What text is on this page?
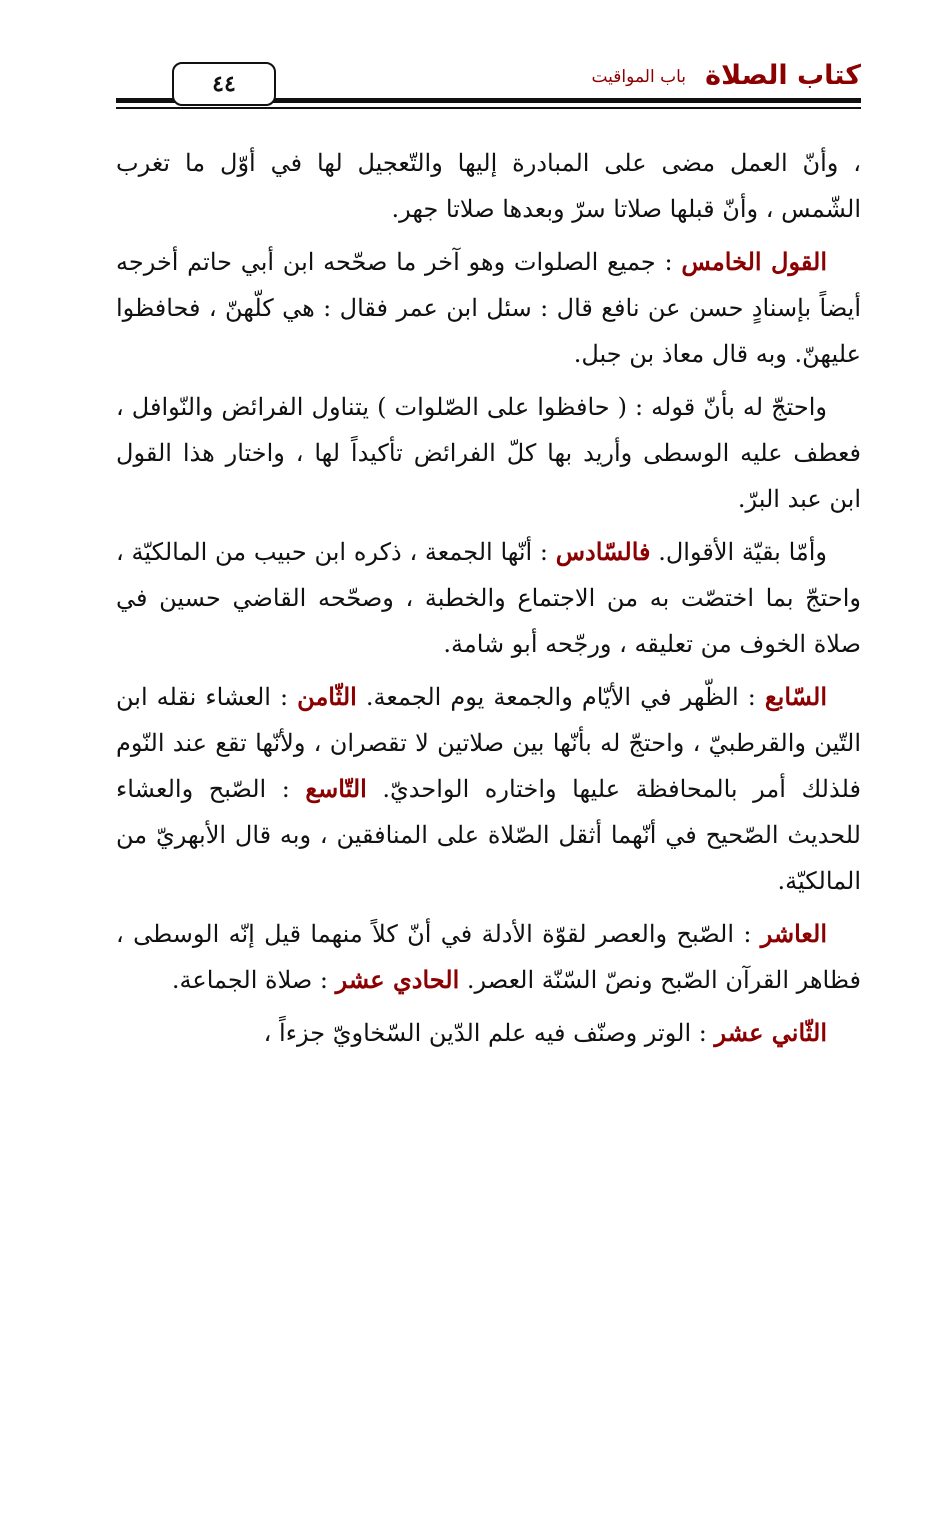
٤٤	كتاب الصلاة
باب المواقيت

، وأنّ العمل مضى على المبادرة إليها والتّعجيل لها في أوّل ما تغرب الشّمس ، وأنّ قبلها صلاتا سرّ وبعدها صلاتا جهر.

القول الخامس : جميع الصلوات وهو آخر ما صحّحه ابن أبي حاتم أخرجه أيضاً بإسنادٍ حسن عن نافع قال : سئل ابن عمر فقال : هي كلّهنّ ، فحافظوا عليهنّ. وبه قال معاذ بن جبل.

واحتجّ له بأنّ قوله : ( حافظوا على الصّلوات ) يتناول الفرائض والنّوافل ، فعطف عليه الوسطى وأريد بها كلّ الفرائض تأكيداً لها ، واختار هذا القول ابن عبد البرّ.

وأمّا بقيّة الأقوال. فالسّادس : أنّها الجمعة ، ذكره ابن حبيب من المالكيّة ، واحتجّ بما اختصّت به من الاجتماع والخطبة ، وصحّحه القاضي حسين في صلاة الخوف من تعليقه ، ورجّحه أبو شامة.

السّابع : الظّهر في الأيّام والجمعة يوم الجمعة. الثّامن : العشاء نقله ابن التّين والقرطبيّ ، واحتجّ له بأنّها بين صلاتين لا تقصران ، ولأنّها تقع عند النّوم فلذلك أمر بالمحافظة عليها واختاره الواحديّ. التّاسع : الصّبح والعشاء للحديث الصّحيح في أنّهما أثقل الصّلاة على المنافقين ، وبه قال الأبهريّ من المالكيّة.

العاشر : الصّبح والعصر لقوّة الأدلة في أنّ كلاً منهما قيل إنّه الوسطى ، فظاهر القرآن الصّبح ونصّ السّنّة العصر. الحادي عشر : صلاة الجماعة.

الثّاني عشر : الوتر وصنّف فيه علم الدّين السّخاويّ جزءاً ،
